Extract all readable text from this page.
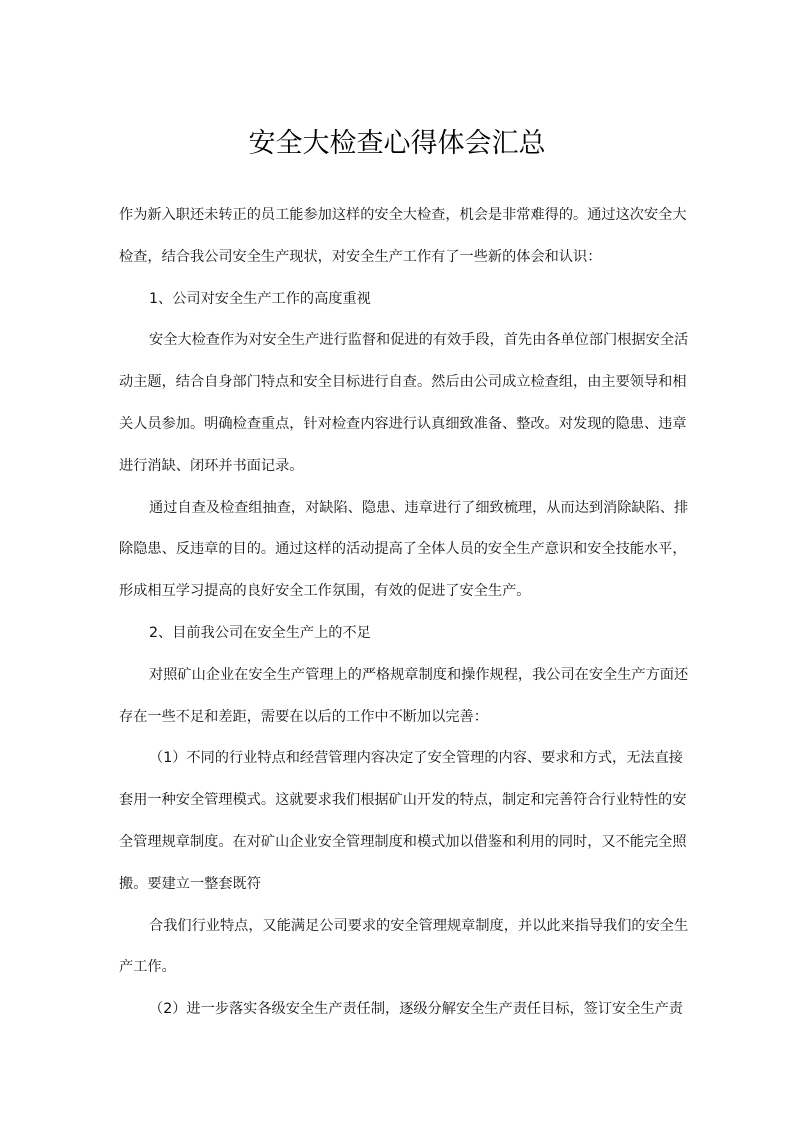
安全大检查心得体会汇总
作为新入职还未转正的员工能参加这样的安全大检查，机会是非常难得的。通过这次安全大
检查，结合我公司安全生产现状，对安全生产工作有了一些新的体会和认识：
1、公司对安全生产工作的高度重视
安全大检查作为对安全生产进行监督和促进的有效手段，首先由各单位部门根据安全活
动主题，结合自身部门特点和安全目标进行自查。然后由公司成立检查组，由主要领导和相
关人员参加。明确检查重点，针对检查内容进行认真细致准备、整改。对发现的隐患、违章
进行消缺、闭环并书面记录。
通过自查及检查组抽查，对缺陷、隐患、违章进行了细致梳理，从而达到消除缺陷、排
除隐患、反违章的目的。通过这样的活动提高了全体人员的安全生产意识和安全技能水平，
形成相互学习提高的良好安全工作氛围，有效的促进了安全生产。
2、目前我公司在安全生产上的不足
对照矿山企业在安全生产管理上的严格规章制度和操作规程，我公司在安全生产方面还
存在一些不足和差距，需要在以后的工作中不断加以完善：
（1）不同的行业特点和经营管理内容决定了安全管理的内容、要求和方式，无法直接
套用一种安全管理模式。这就要求我们根据矿山开发的特点，制定和完善符合行业特性的安
全管理规章制度。在对矿山企业安全管理制度和模式加以借鉴和利用的同时，又不能完全照
搬。要建立一整套既符
合我们行业特点，又能满足公司要求的安全管理规章制度，并以此来指导我们的安全生
产工作。
（2）进一步落实各级安全生产责任制，逐级分解安全生产责任目标，签订安全生产责
